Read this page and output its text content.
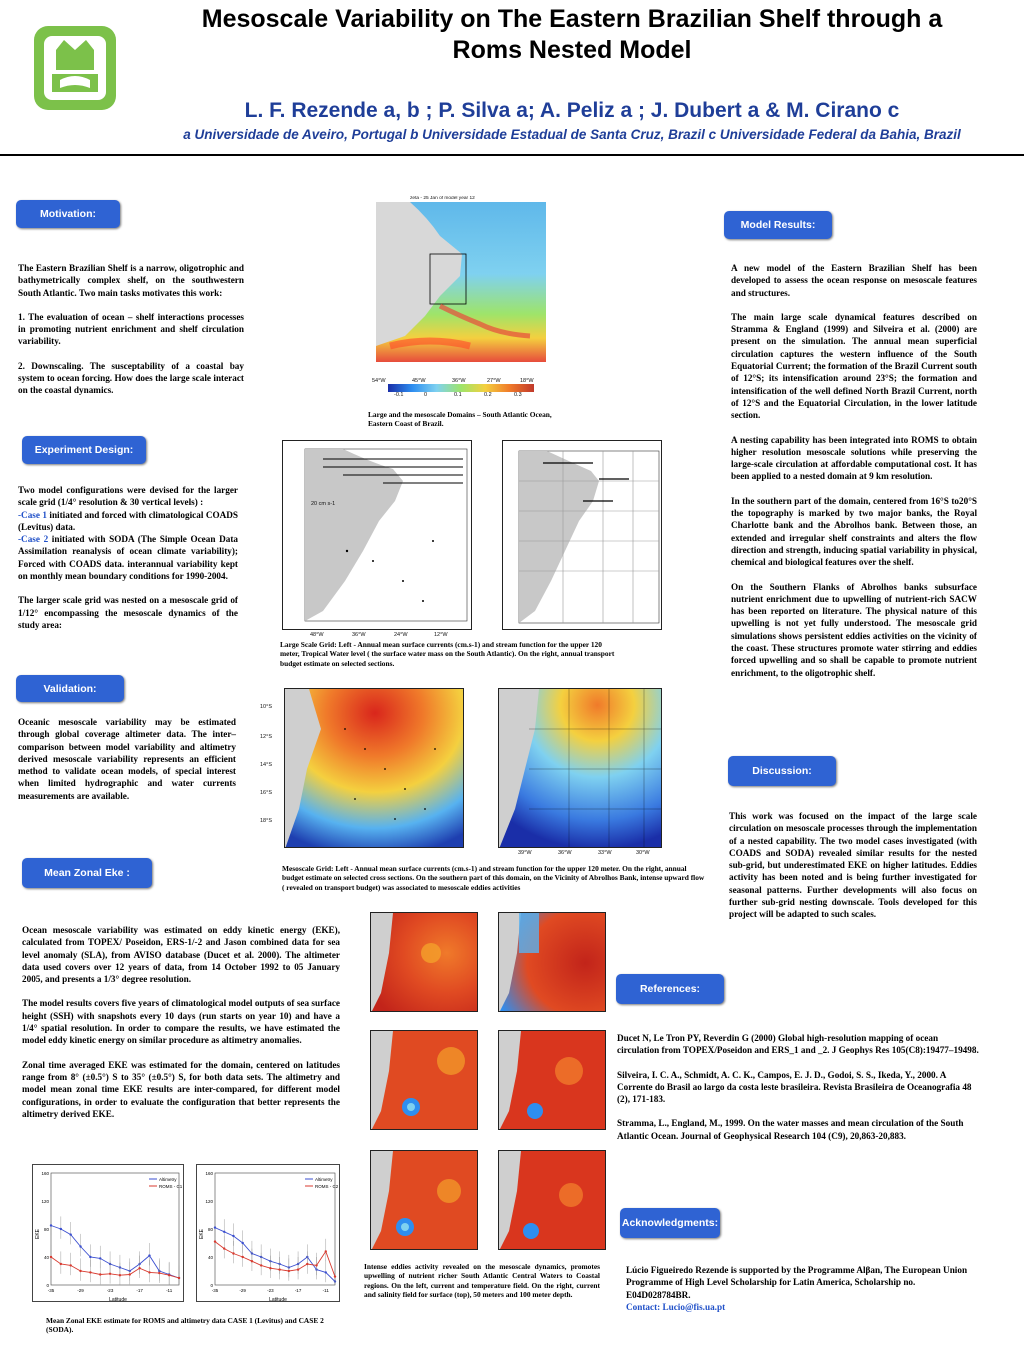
Mesoscale Variability on The Eastern Brazilian Shelf through a
Roms Nested Model
L. F. Rezende a, b ; P. Silva a; A. Peliz a ; J. Dubert a & M. Cirano c
a Universidade de Aveiro, Portugal b Universidade Estadual de Santa Cruz, Brazil c Universidade Federal da Bahia, Brazil
Motivation:

The Eastern Brazilian Shelf is a narrow, oligotrophic and bathymetrically complex shelf, on the southwestern South Atlantic. Two main tasks motivates this work:

1. The evaluation of ocean – shelf interactions processes in promoting nutrient enrichment and shelf circulation variability.

2. Downscaling. The susceptability of a coastal bay system to ocean forcing. How does the large scale interact on the coastal dynamics.

Experiment Design:
Two model configurations were devised for the larger scale grid (1/4° resolution & 30 vertical levels) :
-Case 1 initiated and forced with climatological COADS (Levitus) data.

-Case 2 initiated with SODA (The Simple Ocean Data Assimilation reanalysis of ocean climate variability); Forced with COADS data. interannual variability kept on monthly mean boundary conditions for 1990-2004.

The larger scale grid was nested on a mesoscale grid of 1/12° encompassing the mesoscale dynamics of the study area:

Validation:
Oceanic mesoscale variability may be estimated through global coverage altimeter data. The inter–comparison between model variability and altimetry derived mesoscale variability represents an efficient method to validate ocean models, of special interest when limited hydrographic and water currents measurements are available.
Mean Zonal Eke :

Ocean mesoscale variability was estimated on eddy kinetic energy (EKE), calculated from TOPEX/ Poseidon, ERS-1/-2 and Jason combined data for sea level anomaly (SLA), from AVISO database (Ducet et al. 2000). The altimeter data used covers over 12 years of data, from 14 October 1992 to 05 January 2005, and presents a 1/3° degree resolution.

The model results covers five years of climatological model outputs of sea surface height (SSH) with snapshots every 10 days (run starts on year 10) and have a 1/4° spatial resolution. In order to compare the results, we have estimated the model eddy kinetic energy on similar procedure as altimetry anomalies.

Zonal time averaged EKE was estimated for the domain, centered on latitudes range from 8° (±0.5°) S to 35° (±0.5°) S, for both data sets. The altimetry and model mean zonal time EKE results are inter-compared, for different model configurations, in order to evaluate the configuration that better represents the altimetry derived EKE.

0
40
80
120
160
-35	-29	-23	-17	-11
Latitude
EKE
Altimetry
ROMS - C1
0
40
80
120
160
-35	-29	-23	-17	-11
Latitude
EKE
Altimetry
ROMS - C2
Mean Zonal EKE estimate for ROMS and altimetry data CASE 1 (Levitus) and CASE 2 (SODA).
zeta - 25 Jan of model year 12
54°W	45°W	36°W	27°W	18°W
-0.1	0	0.1	0.2	0.3
Large and the mesoscale Domains – South Atlantic Ocean, Eastern Coast of Brazil.
20 cm s-1
48°W	36°W	24°W	12°W
Large Scale Grid: Left - Annual mean surface currents (cm.s-1) and stream function for the upper 120 meter, Tropical Water level ( the surface water mass on the South Atlantic). On the right, annual transport budget estimate on selected sections.
10°S
12°S
14°S
16°S
18°S
39°W	36°W	33°W	30°W
Mesoscale Grid: Left - Annual mean surface currents (cm.s-1) and stream function for the upper 120 meter. On the right, annual budget estimate on selected cross sections. On the southern part of this domain, on the Vicinity of Abrolhos Bank, intense upward flow ( revealed on transport budget) was associated to mesoscale eddies activities
Intense eddies activity revealed on the mesoscale dynamics, promotes upwelling of nutrient richer South Atlantic Central Waters to Coastal regions. On the left, current and temperature field. On the right, current and salinity field for surface (top), 50 meters and 100 meter depth.
Model Results:

A new model of the Eastern Brazilian Shelf has been developed to assess the ocean response on mesoscale features and structures.

The main large scale dynamical features described on Stramma & England (1999) and Silveira et al. (2000) are present on the simulation. The annual mean superficial circulation captures the western influence of the South Equatorial Current; the formation of the Brazil Current south of 12°S; its intensification around 23°S; the formation and intensification of the well defined North Brazil Current, north of 12°S and the Equatorial Circulation, in the lower latitude section.

A nesting capability has been integrated into ROMS to obtain higher resolution mesoscale solutions while preserving the large-scale circulation at affordable computational cost. It has been applied to a nested domain at 9 km resolution.

In the southern part of the domain, centered from 16°S to20°S the topography is marked by two major banks, the Royal Charlotte bank and the Abrolhos bank. Between those, an extended and irregular shelf constraints and alters the flow direction and strength, inducing spatial variability in physical, chemical and biological features over the shelf.

On the Southern Flanks of Abrolhos banks subsurface nutrient enrichment due to upwelling of nutrient-rich SACW has been reported on literature. The physical nature of this upwelling is not yet fully understood. The mesoscale grid simulations shows persistent eddies activities on the vicinity of the coast. These structures promote water stirring and eddies forced upwelling and so shall be capable to promote nutrient enrichment, to the oligotrophic shelf.

Discussion:
This work was focused on the impact of the large scale circulation on mesoscale processes through the implementation of a nested capability. The two model cases investigated (with COADS and SODA) revealed similar results for the nested sub-grid, but underestimated EKE on higher latitudes. Eddies activity has been noted and is being further investigated for seasonal patterns. Further developments will also focus on further sub-grid nesting downscale. Tools developed for this project will be adapted to such scales.
References:

Ducet N, Le Tron PY, Reverdin G (2000) Global high-resolution mapping of ocean circulation from TOPEX/Poseidon and ERS_1 and _2. J Geophys Res 105(C8):19477–19498.

Silveira, I. C. A., Schmidt, A. C. K., Campos, E. J. D., Godoi, S. S., Ikeda, Y., 2000. A Corrente do Brasil ao largo da costa leste brasileira. Revista Brasileira de Oceanografia 48 (2), 171-183.

Stramma, L., England, M., 1999. On the water masses and mean circulation of the South Atlantic Ocean. Journal of Geophysical Research 104 (C9), 20,863-20,883.

Acknowledgments:
Lúcio Figueiredo Rezende is supported by the Programme Alβan, The European Union Programme of High Level Scholarship for Latin America, Scholarship no. E04D028784BR.
Contact: Lucio@fis.ua.pt
